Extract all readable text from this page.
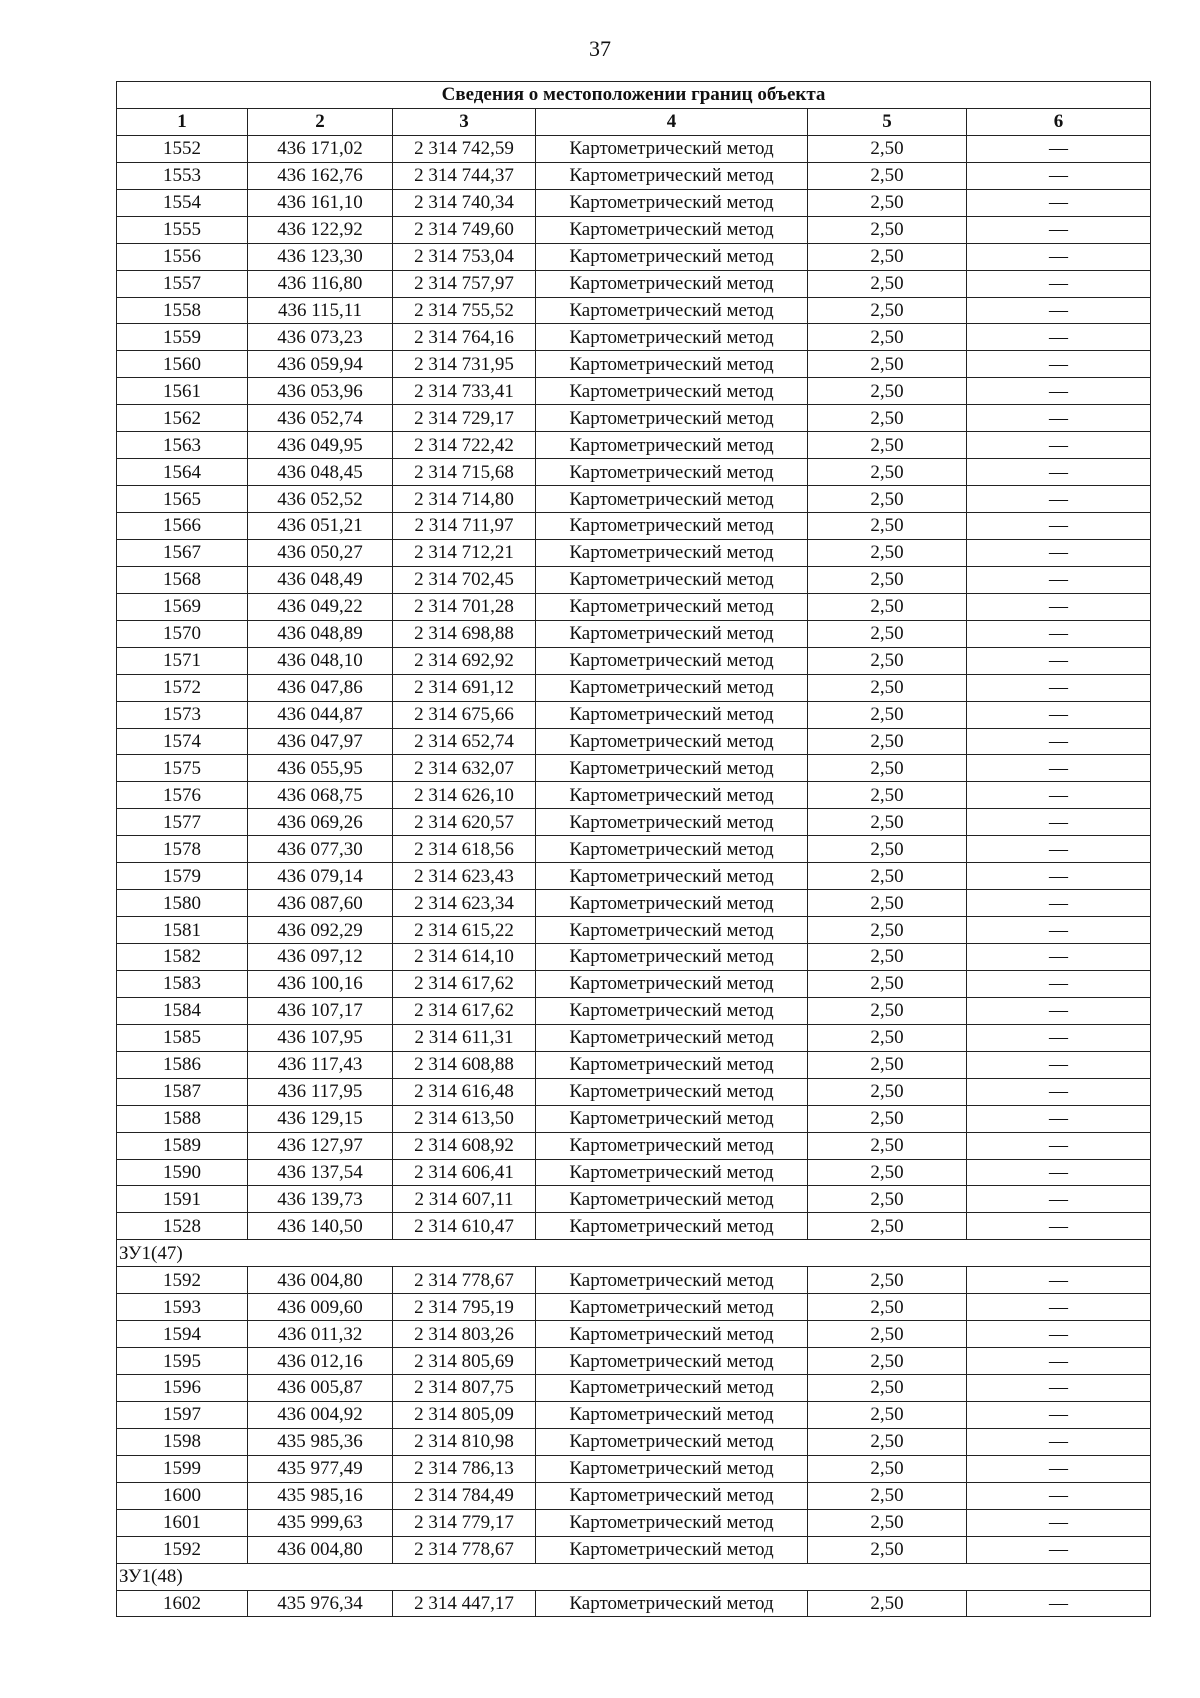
37
Сведения о местоположении границ объекта					
1	2	3	4	5	6
1552	436 171,02	2 314 742,59	Картометрический метод	2,50	—
1553	436 162,76	2 314 744,37	Картометрический метод	2,50	—
1554	436 161,10	2 314 740,34	Картометрический метод	2,50	—
1555	436 122,92	2 314 749,60	Картометрический метод	2,50	—
1556	436 123,30	2 314 753,04	Картометрический метод	2,50	—
1557	436 116,80	2 314 757,97	Картометрический метод	2,50	—
1558	436 115,11	2 314 755,52	Картометрический метод	2,50	—
1559	436 073,23	2 314 764,16	Картометрический метод	2,50	—
1560	436 059,94	2 314 731,95	Картометрический метод	2,50	—
1561	436 053,96	2 314 733,41	Картометрический метод	2,50	—
1562	436 052,74	2 314 729,17	Картометрический метод	2,50	—
1563	436 049,95	2 314 722,42	Картометрический метод	2,50	—
1564	436 048,45	2 314 715,68	Картометрический метод	2,50	—
1565	436 052,52	2 314 714,80	Картометрический метод	2,50	—
1566	436 051,21	2 314 711,97	Картометрический метод	2,50	—
1567	436 050,27	2 314 712,21	Картометрический метод	2,50	—
1568	436 048,49	2 314 702,45	Картометрический метод	2,50	—
1569	436 049,22	2 314 701,28	Картометрический метод	2,50	—
1570	436 048,89	2 314 698,88	Картометрический метод	2,50	—
1571	436 048,10	2 314 692,92	Картометрический метод	2,50	—
1572	436 047,86	2 314 691,12	Картометрический метод	2,50	—
1573	436 044,87	2 314 675,66	Картометрический метод	2,50	—
1574	436 047,97	2 314 652,74	Картометрический метод	2,50	—
1575	436 055,95	2 314 632,07	Картометрический метод	2,50	—
1576	436 068,75	2 314 626,10	Картометрический метод	2,50	—
1577	436 069,26	2 314 620,57	Картометрический метод	2,50	—
1578	436 077,30	2 314 618,56	Картометрический метод	2,50	—
1579	436 079,14	2 314 623,43	Картометрический метод	2,50	—
1580	436 087,60	2 314 623,34	Картометрический метод	2,50	—
1581	436 092,29	2 314 615,22	Картометрический метод	2,50	—
1582	436 097,12	2 314 614,10	Картометрический метод	2,50	—
1583	436 100,16	2 314 617,62	Картометрический метод	2,50	—
1584	436 107,17	2 314 617,62	Картометрический метод	2,50	—
1585	436 107,95	2 314 611,31	Картометрический метод	2,50	—
1586	436 117,43	2 314 608,88	Картометрический метод	2,50	—
1587	436 117,95	2 314 616,48	Картометрический метод	2,50	—
1588	436 129,15	2 314 613,50	Картометрический метод	2,50	—
1589	436 127,97	2 314 608,92	Картометрический метод	2,50	—
1590	436 137,54	2 314 606,41	Картометрический метод	2,50	—
1591	436 139,73	2 314 607,11	Картометрический метод	2,50	—
1528	436 140,50	2 314 610,47	Картометрический метод	2,50	—
ЗУ1(47)					
1592	436 004,80	2 314 778,67	Картометрический метод	2,50	—
1593	436 009,60	2 314 795,19	Картометрический метод	2,50	—
1594	436 011,32	2 314 803,26	Картометрический метод	2,50	—
1595	436 012,16	2 314 805,69	Картометрический метод	2,50	—
1596	436 005,87	2 314 807,75	Картометрический метод	2,50	—
1597	436 004,92	2 314 805,09	Картометрический метод	2,50	—
1598	435 985,36	2 314 810,98	Картометрический метод	2,50	—
1599	435 977,49	2 314 786,13	Картометрический метод	2,50	—
1600	435 985,16	2 314 784,49	Картометрический метод	2,50	—
1601	435 999,63	2 314 779,17	Картометрический метод	2,50	—
1592	436 004,80	2 314 778,67	Картометрический метод	2,50	—
ЗУ1(48)					
1602	435 976,34	2 314 447,17	Картометрический метод	2,50	—
